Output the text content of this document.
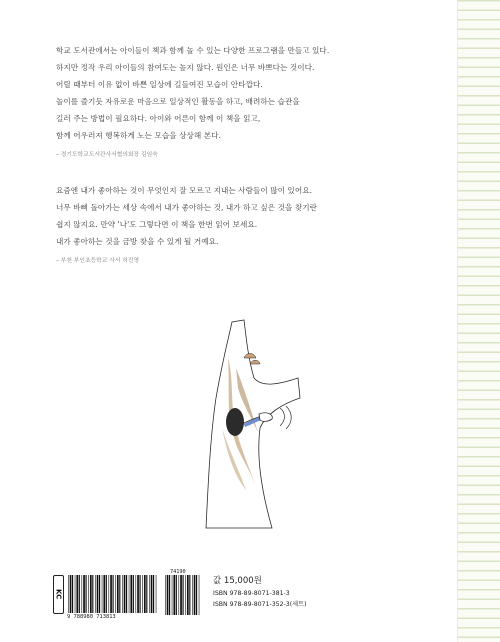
학교 도서관에서는 아이들이 책과 함께 놀 수 있는 다양한 프로그램을 만들고 있다.
하지만 정작 우리 아이들의 참여도는 높지 않다. 원인은 너무 바쁘다는 것이다.
어릴 때부터 이유 없이 바쁜 일상에 길들여진 모습이 안타깝다.
놀이를 즐기듯 자유로운 마음으로 일상적인 활동을 하고, 배려하는 습관을
길러 주는 방법이 필요하다. 아이와 어른이 함께 이 책을 읽고,
함께 어우러져 행복하게 노는 모습을 상상해 본다.
– 경기도학교도서관사서협의회장 김임숙
요즘엔 내가 좋아하는 것이 무엇인지 잘 모르고 지내는 사람들이 많이 있어요.
너무 바삐 돌아가는 세상 속에서 내가 좋아하는 것, 내가 하고 싶은 것을 찾기란
쉽지 않지요. 만약 '나'도 그렇다면 이 책을 한번 읽어 보세요.
내가 좋아하는 것을 금방 찾을 수 있게 될 거예요.
– 부천 부인초등학교 사서 허진영
KC
9 788980 713813
74190
값 15,000원
ISBN 978-89-8071-381-3
ISBN 978-89-8071-352-3(세트)
